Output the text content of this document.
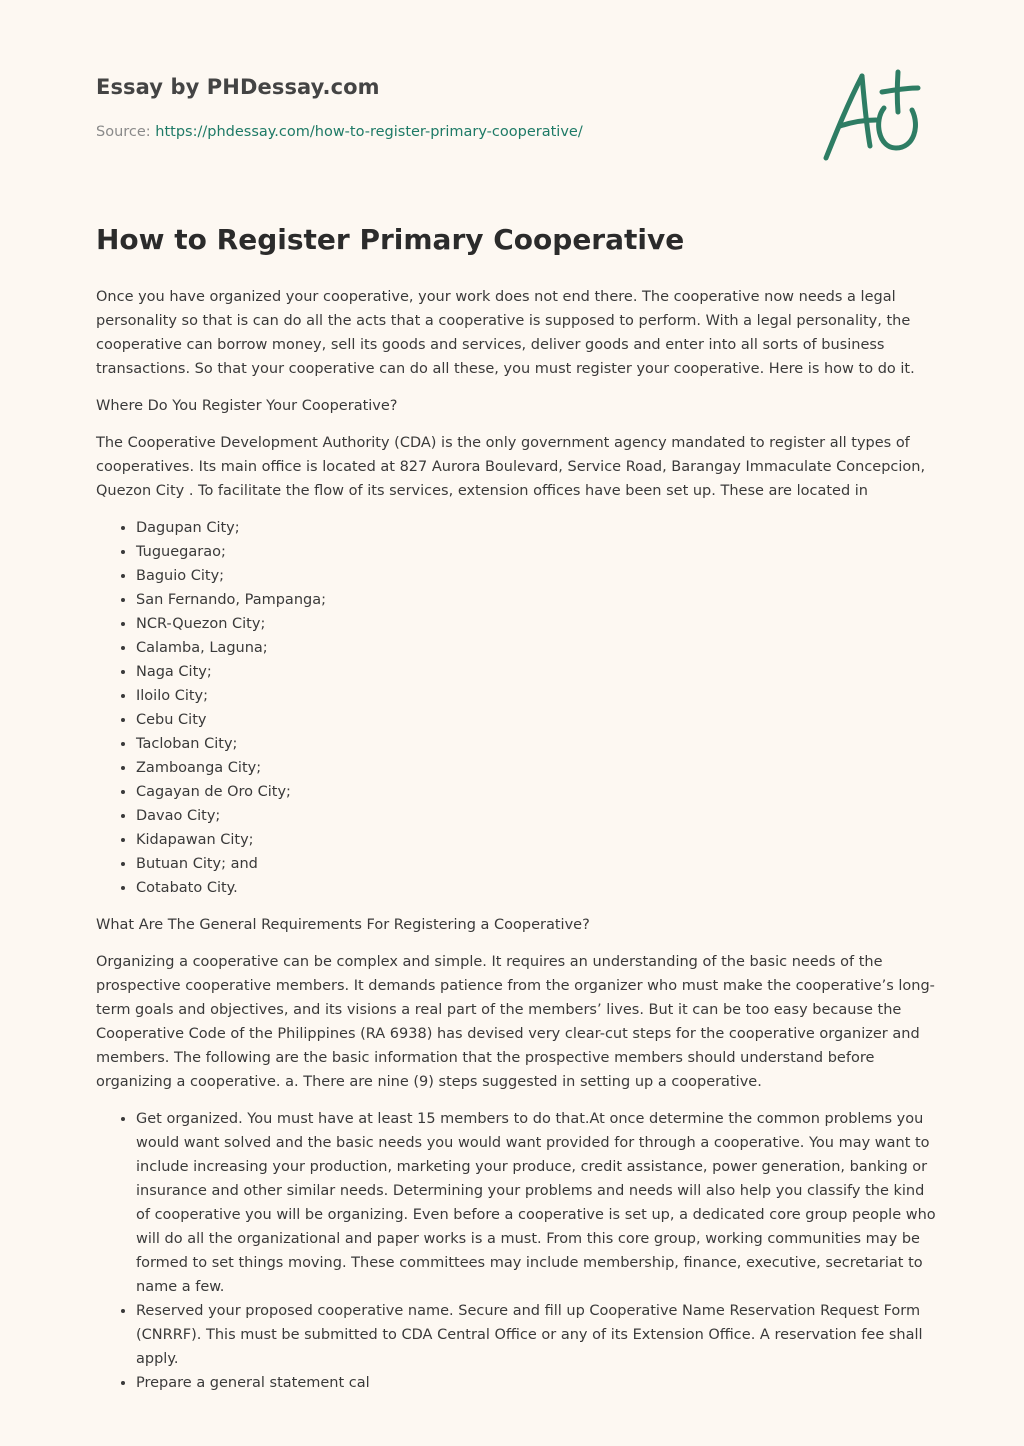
Essay by PHDessay.com
Source: https://phdessay.com/how-to-register-primary-cooperative/
How to Register Primary Cooperative

Once you have organized your cooperative, your work does not end there. The cooperative now needs a legal personality so that is can do all the acts that a cooperative is supposed to perform. With a legal personality, the cooperative can borrow money, sell its goods and services, deliver goods and enter into all sorts of business transactions. So that your cooperative can do all these, you must register your cooperative. Here is how to do it.

Where Do You Register Your Cooperative?

The Cooperative Development Authority (CDA) is the only government agency mandated to register all types of cooperatives. Its main office is located at 827 Aurora Boulevard, Service Road, Barangay Immaculate Concepcion, Quezon City . To facilitate the flow of its services, extension offices have been set up. These are located in

• Dagupan City;
• Tuguegarao;
• Baguio City;
• San Fernando, Pampanga;
• NCR-Quezon City;
• Calamba, Laguna;
• Naga City;
• Iloilo City;
• Cebu City
• Tacloban City;
• Zamboanga City;
• Cagayan de Oro City;
• Davao City;
• Kidapawan City;
• Butuan City; and
• Cotabato City.

What Are The General Requirements For Registering a Cooperative?

Organizing a cooperative can be complex and simple. It requires an understanding of the basic needs of the prospective cooperative members. It demands patience from the organizer who must make the cooperative’s long-term goals and objectives, and its visions a real part of the members’ lives. But it can be too easy because the Cooperative Code of the Philippines (RA 6938) has devised very clear-cut steps for the cooperative organizer and members. The following are the basic information that the prospective members should understand before organizing a cooperative. a. There are nine (9) steps suggested in setting up a cooperative.

• Get organized. You must have at least 15 members to do that.At once determine the common problems you would want solved and the basic needs you would want provided for through a cooperative. You may want to include increasing your production, marketing your produce, credit assistance, power generation, banking or insurance and other similar needs. Determining your problems and needs will also help you classify the kind of cooperative you will be organizing. Even before a cooperative is set up, a dedicated core group people who will do all the organizational and paper works is a must. From this core group, working communities may be formed to set things moving. These committees may include membership, finance, executive, secretariat to name a few.
• Reserved your proposed cooperative name. Secure and fill up Cooperative Name Reservation Request Form (CNRRF). This must be submitted to CDA Central Office or any of its Extension Office. A reservation fee shall apply.
• Prepare a general statement cal
